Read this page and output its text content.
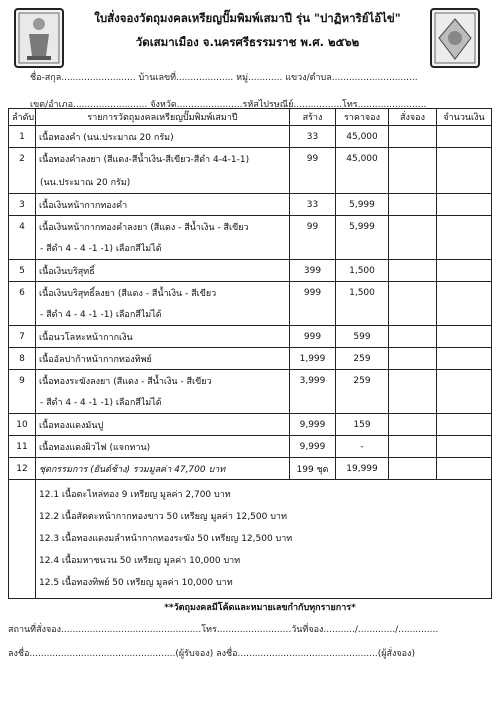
ใบสั่งจองวัตถุมงคลเหรียญปั๊มพิมพ์เสมาปี รุ่น "ปาฏิหาริย์ไอ้ไข่"
วัดเสมาเมือง จ.นครศรีธรรมราช พ.ศ. ๒๕๖๒
ชื่อ-สกุล.......................... บ้านเลขที่.................... หมู่............ แขวง/ตำบล..............................
เขต/อำเภอ.......................... จังหวัด.......................รหัสไปรษณีย์.................โทร........................
ลำดับ	รายการวัตถุมงคลเหรียญปั๊มพิมพ์เสมาปี	สร้าง	ราคาจอง	สั่งจอง	จำนวนเงิน
1	เนื้อทองคำ (นน.ประมาณ 20 กรัม)	33	45,000		
2	เนื้อทองคำลงยา (สีแดง-สีน้ำเงิน-สีเขียว-สีดำ 4-4-1-1)	99	45,000		
	(นน.ประมาณ 20 กรัม)				
3	เนื้อเงินหน้ากากทองคำ	33	5,999		
4	เนื้อเงินหน้ากากทองคำลงยา (สีแดง - สีน้ำเงิน - สีเขียว	99	5,999		
	- สีดำ 4 - 4 -1 -1) เลือกสีไม่ได้				
5	เนื้อเงินบริสุทธิ์	399	1,500		
6	เนื้อเงินบริสุทธิ์ลงยา (สีแดง - สีน้ำเงิน - สีเขียว	999	1,500		
	- สีดำ 4 - 4 -1 -1) เลือกสีไม่ได้				
7	เนื้อนวโลหะหน้ากากเงิน	999	599		
8	เนื้ออัลปาก้าหน้ากากทองทิพย์	1,999	259		
9	เนื้อทองระฆังลงยา (สีแดง - สีน้ำเงิน - สีเขียว	3,999	259		
	- สีดำ 4 - 4 -1 -1) เลือกสีไม่ได้				
10	เนื้อทองแดงมันปู	9,999	159		
11	เนื้อทองแดงผิวไฟ (แจกทาน)	9,999	-		
12	ชุดกรรมการ (ยันต์ช้าง) รวมมูลค่า 47,700 บาท	199 ชุด	19,999		

	12.1 เนื้อตะไหล่ทอง 9 เหรียญ มูลค่า 2,700 บาท
12.2 เนื้อสัตตะหน้ากากทองขาว 50 เหรียญ มูลค่า 12,500 บาท
12.3 เนื้อทองแดงมลำหน้ากากทองระฆัง 50 เหรียญ 12,500 บาท
12.4 เนื้อมหาชนวน 50 เหรียญ มูลค่า 10,000 บาท
12.5 เนื้อทองทิพย์ 50 เหรียญ มูลค่า 10,000 บาท				
**วัตถุมงคลมีโค้ดและหมายเลขกำกับทุกรายการ*
สถานที่สั่งจอง.................................................โทร..........................วันที่จอง.........../............./..............
ลงชื่อ...................................................(ผู้รับจอง) ลงชื่อ.................................................(ผู้สั่งจอง)
